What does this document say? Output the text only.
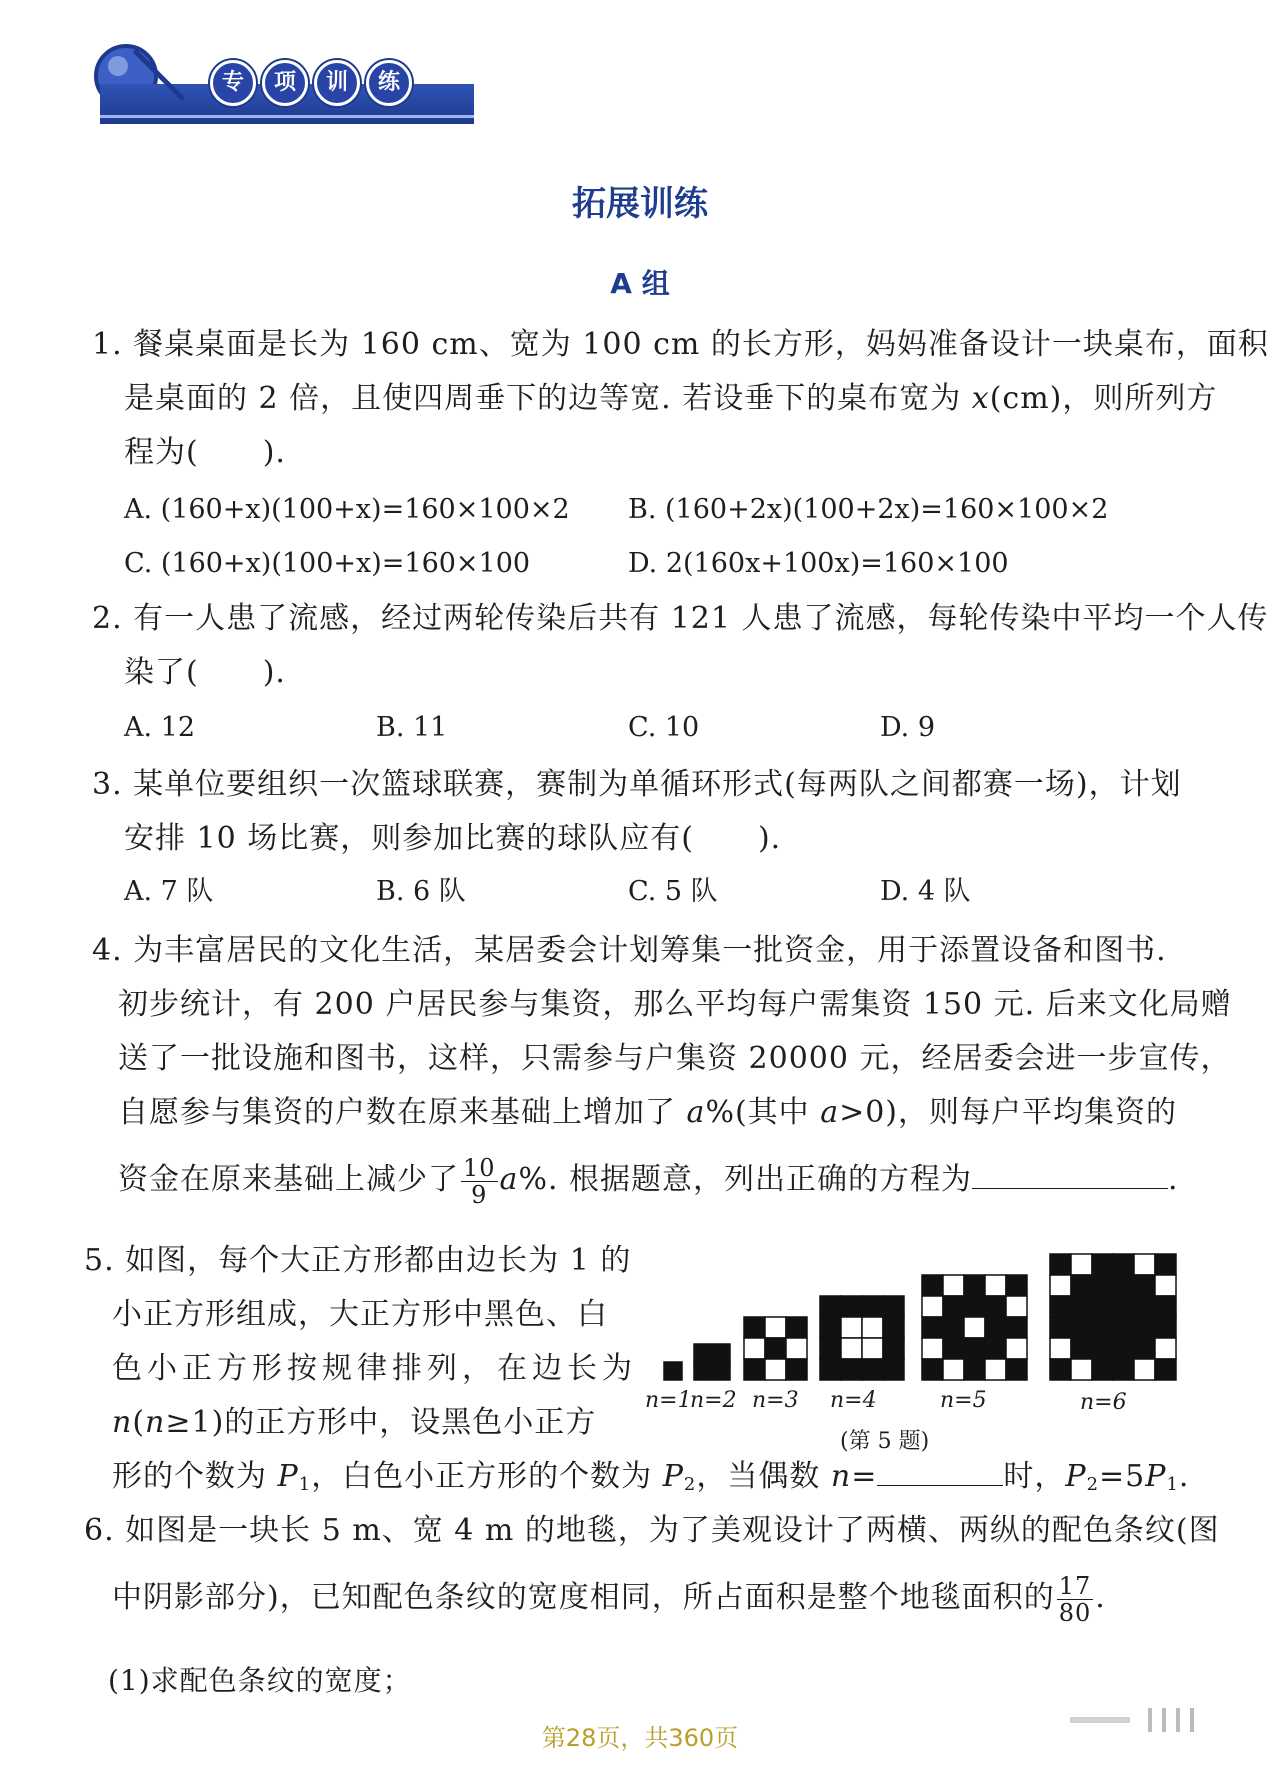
专	项	训	练
拓展训练
A 组
1. 餐桌桌面是长为 160 cm、宽为 100 cm 的长方形，妈妈准备设计一块桌布，面积
是桌面的 2 倍，且使四周垂下的边等宽. 若设垂下的桌布宽为 x(cm)，则所列方
程为( ).
A. (160+x)(100+x)=160×100×2 B. (160+2x)(100+2x)=160×100×2
C. (160+x)(100+x)=160×100	D. 2(160x+100x)=160×100
2. 有一人患了流感，经过两轮传染后共有 121 人患了流感，每轮传染中平均一个人传
染了( ).
A. 12	B. 11	C. 10	D. 9
3. 某单位要组织一次篮球联赛，赛制为单循环形式(每两队之间都赛一场)，计划
安排 10 场比赛，则参加比赛的球队应有( ).
A. 7 队	B. 6 队	C. 5 队	D. 4 队
4. 为丰富居民的文化生活，某居委会计划筹集一批资金，用于添置设备和图书.
初步统计，有 200 户居民参与集资，那么平均每户需集资 150 元. 后来文化局赠
送了一批设施和图书，这样，只需参与户集资 20000 元，经居委会进一步宣传，
自愿参与集资的户数在原来基础上增加了 a%(其中 a>0)，则每户平均集资的
资金在原来基础上减少了 $\frac{10}{9} a\%$. 根据题意，列出正确的方程为	.
5. 如图，每个大正方形都由边长为 1 的
小正方形组成，大正方形中黑色、白
色小正方形按规律排列，在边长为
n(n≥1)的正方形中，设黑色小正方
形的个数为 $P_1$，白色小正方形的个数为 $P_2$，当偶数 n=	时，$P_2=5P_1$.
n=1
n=2 n=3 n=4	n=5	n=6
(第 5 题)
6. 如图是一块长 5 m、宽 4 m 的地毯，为了美观设计了两横、两纵的配色条纹(图
中阴影部分)，已知配色条纹的宽度相同，所占面积是整个地毯面积的 $\frac{17}{80}$ .
(1)求配色条纹的宽度；
第28页，共360页
